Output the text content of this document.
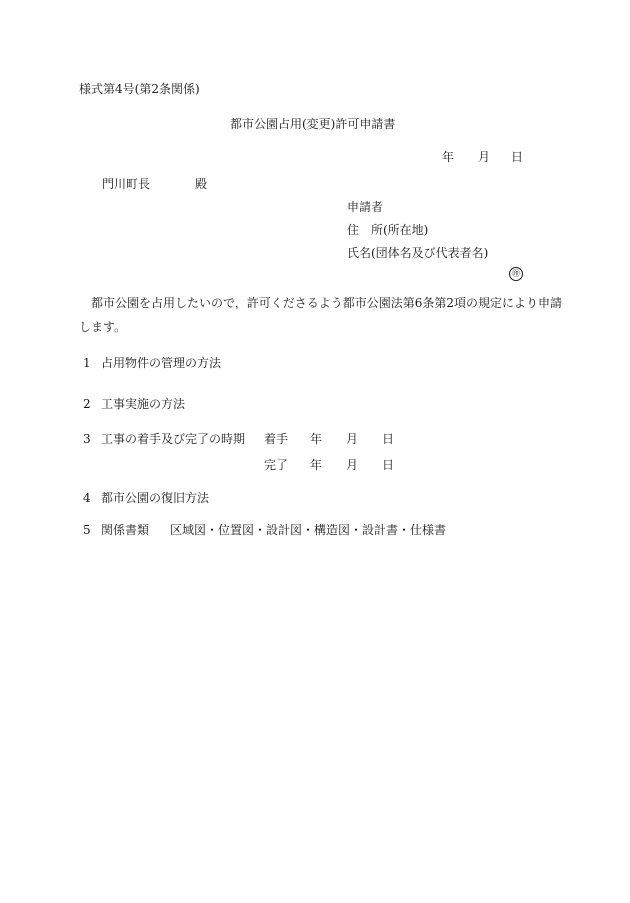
様式第4号(第2条関係)
都市公園占用(変更)許可申請書
年 月 日
門川町長	殿
申請者
住　所(所在地)
氏名(団体名及び代表者名)
㊞
　都市公園を占用したいので，許可くださるよう都市公園法第6条第2項の規定により申請
します。
1 占用物件の管理の方法
2 工事実施の方法
3 工事の着手及び完了の時期 着手 年 月 日
完了 年 月 日
4 都市公園の復旧方法
5 関係書類 区域図・位置図・設計図・構造図・設計書・仕様書
